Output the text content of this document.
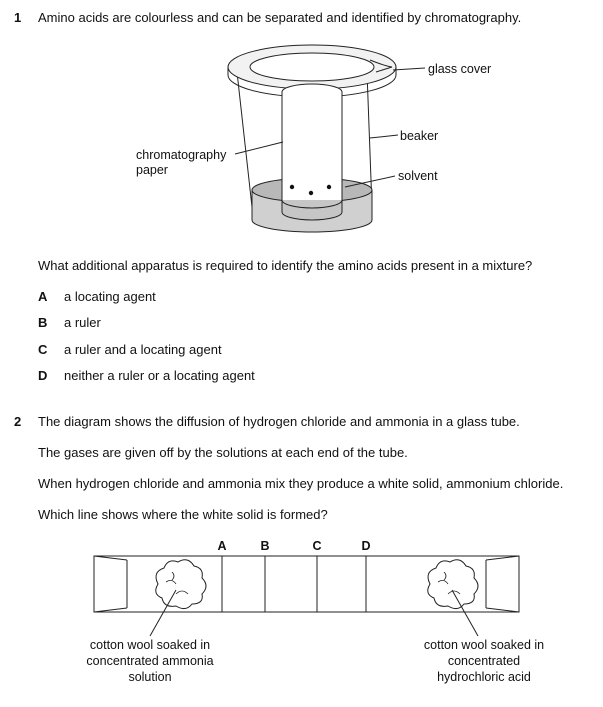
1 Amino acids are colourless and can be separated and identified by chromatography.
glass cover
beaker
solvent
chromatography
paper
A	B	C	D
cotton wool soaked in
concentrated ammonia
solution
cotton wool soaked in
concentrated
hydrochloric acid
What additional apparatus is required to identify the amino acids present in a mixture?
A a locating agent
B a ruler
C a ruler and a locating agent
D neither a ruler or a locating agent
2 The diagram shows the diffusion of hydrogen chloride and ammonia in a glass tube.
The gases are given off by the solutions at each end of the tube.
When hydrogen chloride and ammonia mix they produce a white solid, ammonium chloride.
Which line shows where the white solid is formed?
